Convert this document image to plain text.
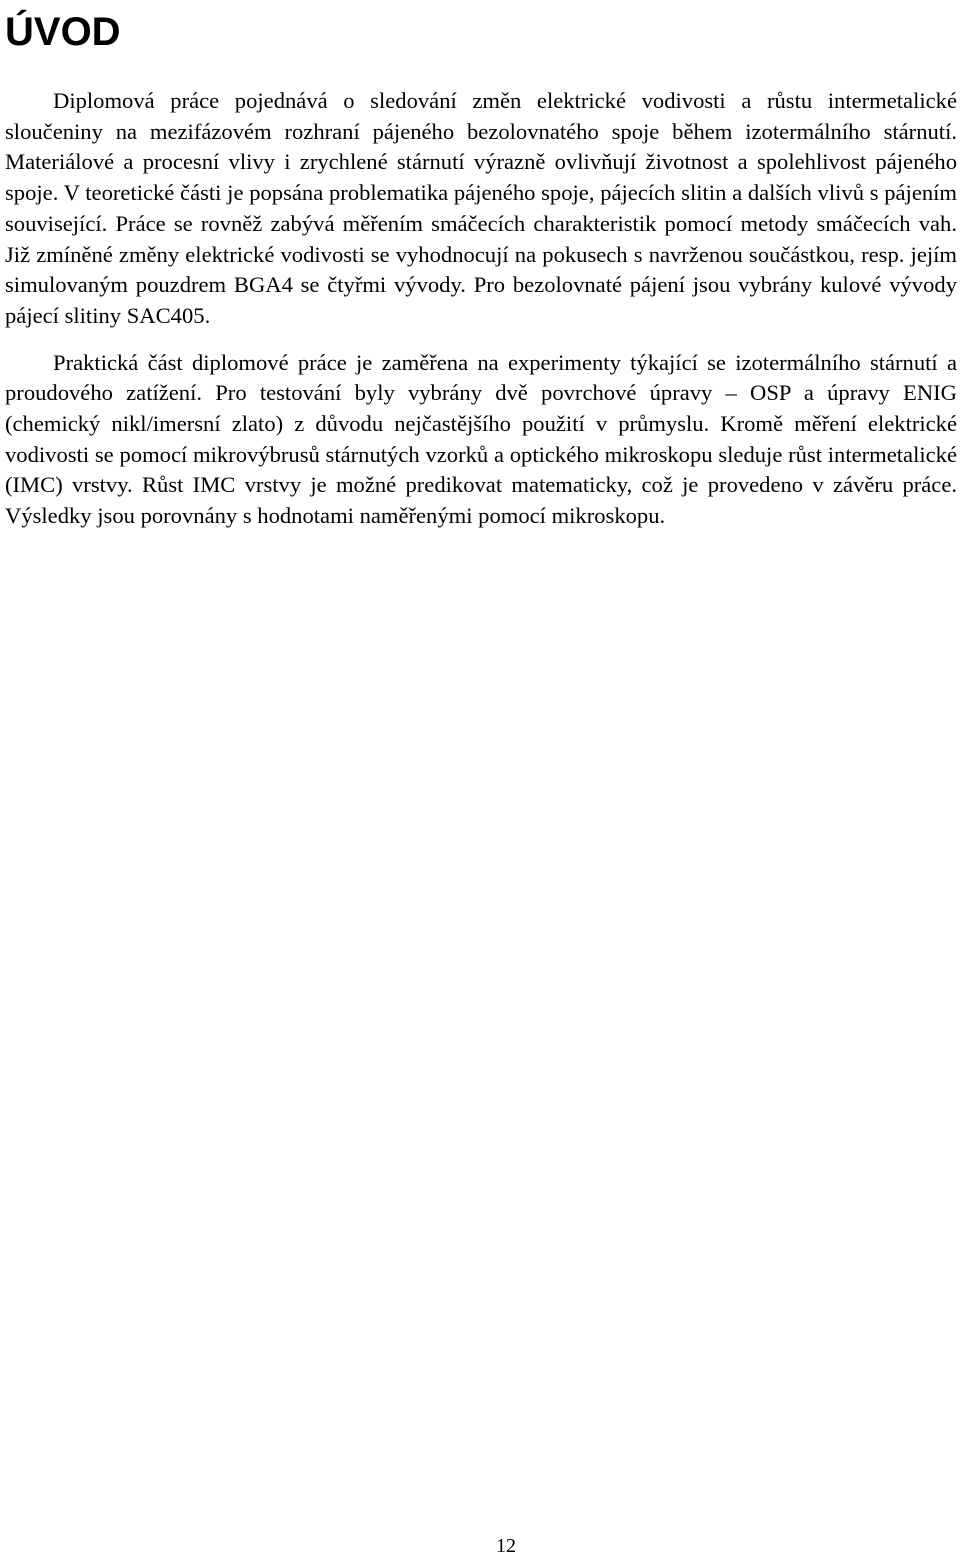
ÚVOD

Diplomová práce pojednává o sledování změn elektrické vodivosti a růstu intermetalické sloučeniny na mezifázovém rozhraní pájeného bezolovnatého spoje během izotermálního stárnutí. Materiálové a procesní vlivy i zrychlené stárnutí výrazně ovlivňují životnost a spolehlivost pájeného spoje. V teoretické části je popsána problematika pájeného spoje, pájecích slitin a dalších vlivů s pájením související. Práce se rovněž zabývá měřením smáčecích charakteristik pomocí metody smáčecích vah. Již zmíněné změny elektrické vodivosti se vyhodnocují na pokusech s navrženou součástkou, resp. jejím simulovaným pouzdrem BGA4 se čtyřmi vývody. Pro bezolovnaté pájení jsou vybrány kulové vývody pájecí slitiny SAC405.

Praktická část diplomové práce je zaměřena na experimenty týkající se izotermálního stárnutí a proudového zatížení. Pro testování byly vybrány dvě povrchové úpravy – OSP a úpravy ENIG (chemický nikl/imersní zlato) z důvodu nejčastějšího použití v průmyslu. Kromě měření elektrické vodivosti se pomocí mikrovýbrusů stárnutých vzorků a optického mikroskopu sleduje růst intermetalické (IMC) vrstvy. Růst IMC vrstvy je možné predikovat matematicky, což je provedeno v závěru práce. Výsledky jsou porovnány s hodnotami naměřenými pomocí mikroskopu.

12
